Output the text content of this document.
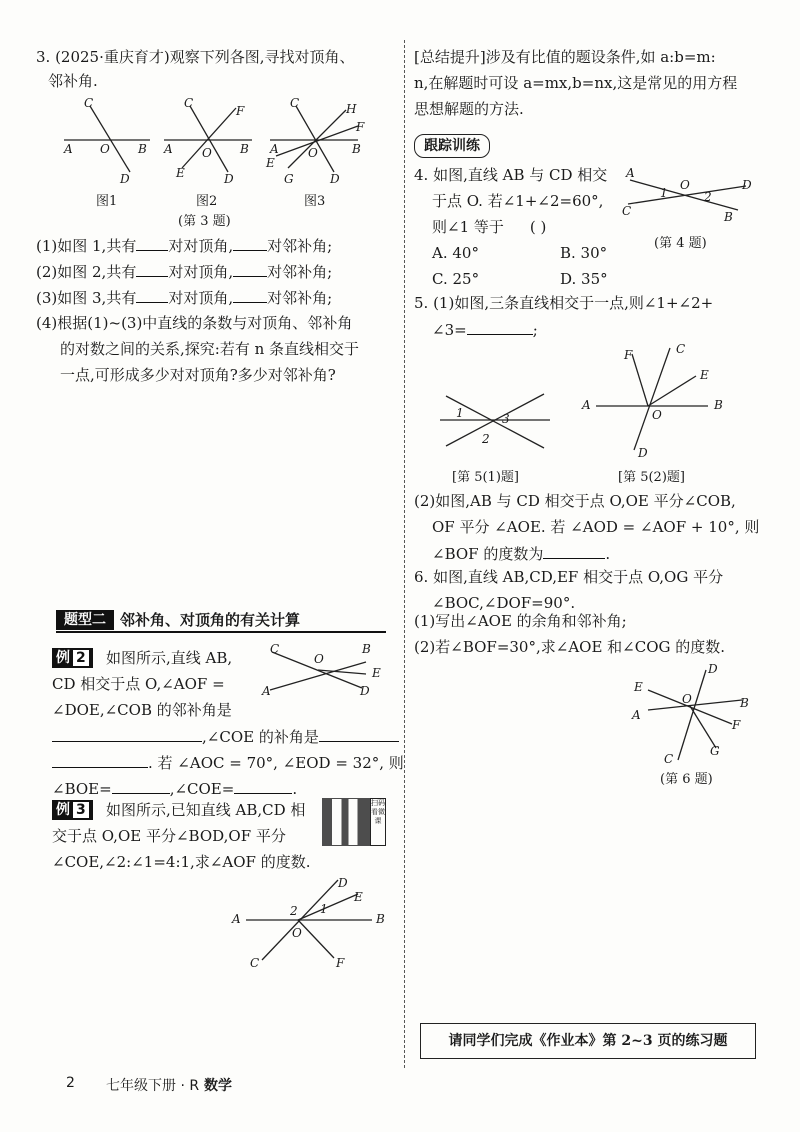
3. (2025·重庆育才)观察下列各图,寻找对顶角、
邻补角.
C
A O B
D
图1
C
F
A O B
E	D
图2
C	H
F
A O	B
E
G	D
图3
(第 3 题)
(1)如图 1,共有 对对顶角, 对邻补角;
(2)如图 2,共有 对对顶角, 对邻补角;
(3)如图 3,共有 对对顶角, 对邻补角;
(4)根据(1)~(3)中直线的条数与对顶角、邻补角
的对数之间的关系,探究:若有 n 条直线相交于
一点,可形成多少对对顶角?多少对邻补角?
题型二 邻补角、对顶角的有关计算
例 2	如图所示,直线 AB,
CD 相交于点 O,∠AOF =
∠DOE,∠COB 的邻补角是
,∠COE 的补角是
. 若 ∠AOC = 70°, ∠EOD = 32°, 则
∠BOE=	,∠COE=	.
C
O
B
E
D
A
例 3	如图所示,已知直线 AB,CD 相
交于点 O,OE 平分∠BOD,OF 平分
∠COE,∠2:∠1=4:1,求∠AOF 的度数.
扫码看微课
A	B
D
E
O
C	F
2 1
[总结提升]涉及有比值的题设条件,如 a:b=m:
n,在解题时可设 a=mx,b=nx,这是常见的用方程
思想解题的方法.
跟踪训练
4. 如图,直线 AB 与 CD 相交
于点 O. 若∠1+∠2=60°,
则∠1 等于 ( )
A. 40°	B. 30°
C. 25°	D. 35°
A
C
O	D
B
1	2
(第 4 题)
5. (1)如图,三条直线相交于一点,则∠1+∠2+
∠3=	;
1
2
3
[第 5(1)题]
A	B
F	C
E
O
D
[第 5(2)题]
(2)如图,AB 与 CD 相交于点 O,OE 平分∠COB,
OF 平分 ∠AOE. 若 ∠AOD = ∠AOF + 10°, 则
∠BOF 的度数为	.
6. 如图,直线 AB,CD,EF 相交于点 O,OG 平分
∠BOC,∠DOF=90°.
(1)写出∠AOE 的余角和邻补角;
(2)若∠BOF=30°,求∠AOE 和∠COG 的度数.
D
E
O	B
A
F
G
C
(第 6 题)
请同学们完成《作业本》第 2~3 页的练习题
2 七年级下册 · R 数学
